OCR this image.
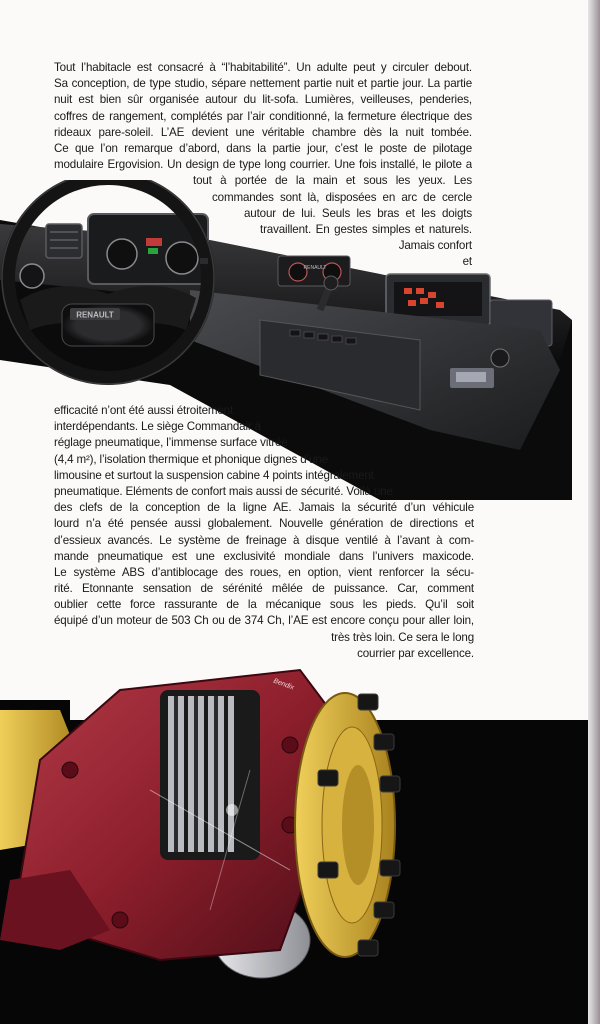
Tout l’habitacle est consacré à “l’habitabilité”. Un adulte peut y circuler debout.
Sa conception, de type studio, sépare nettement partie nuit et partie jour. La partie
nuit est bien sûr organisée autour du lit-sofa. Lumières, veilleuses, penderies,
coffres de rangement, complétés par l’air conditionné, la fermeture électrique des
rideaux pare-soleil. L’AE devient une véritable chambre dès la nuit tombée.
Ce que l’on remarque d’abord, dans la partie jour, c’est le poste de pilotage
modulaire Ergovision. Un design de type long courrier. Une fois installé, le pilote a
tout à portée de la main et sous les yeux. Les
commandes sont là, disposées en arc de cercle
autour de lui. Seuls les bras et les doigts
travaillent. En gestes simples et naturels.
Jamais confort
et
RENAULT
RENAULT
efficacité n’ont été aussi étroitement
interdépendants. Le siège Commandair à
réglage pneumatique, l’immense surface vitrée
(4,4 m²), l’isolation thermique et phonique dignes d’une
limousine et surtout la suspension cabine 4 points intégralement
pneumatique. Eléments de confort mais aussi de sécurité. Voilà une
des clefs de la conception de la ligne AE. Jamais la sécurité d’un véhicule
lourd n’a été pensée aussi globalement. Nouvelle génération de directions et
d’essieux avancés. Le système de freinage à disque ventilé à l’avant à com-
mande pneumatique est une exclusivité mondiale dans l’univers maxicode.
Le système ABS d’antiblocage des roues, en option, vient renforcer la sécu-
rité. Etonnante sensation de sérénité mêlée de puissance. Car, comment
oublier cette force rassurante de la mécanique sous les pieds. Qu’il soit
équipé d’un moteur de 503 Ch ou de 374 Ch, l’AE est encore conçu pour aller loin,
très très loin. Ce sera le long
courrier par excellence.
Bendix
